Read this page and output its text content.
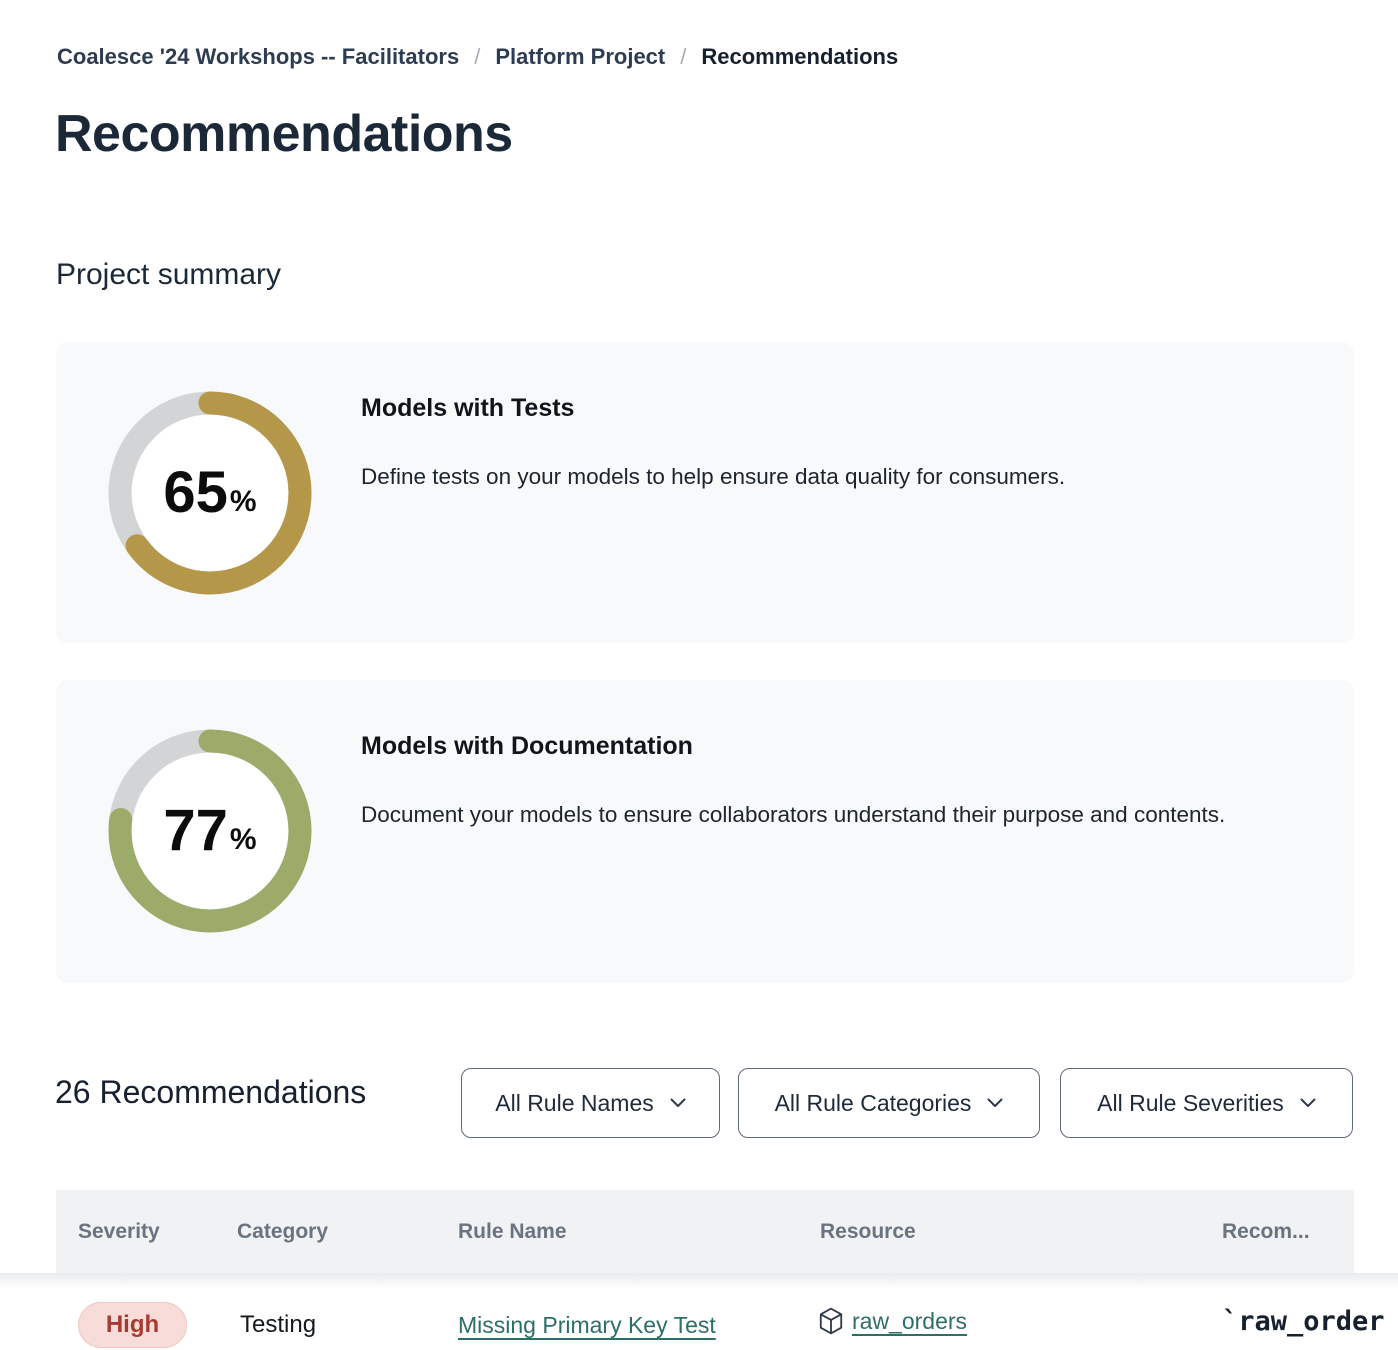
Coalesce '24 Workshops -- Facilitators / Platform Project / Recommendations
Recommendations
Project summary
65 %
Models with Tests

Define tests on your models to help ensure data quality for consumers.

77 %
Models with Documentation

Document your models to ensure collaborators understand their purpose and contents.

26 Recommendations	All Rule Names	All Rule Categories	All Rule Severities
Severity	Category	Rule Name	Resource	Recom...
High	Testing	Missing Primary Key Test	raw_orders	`raw_order
